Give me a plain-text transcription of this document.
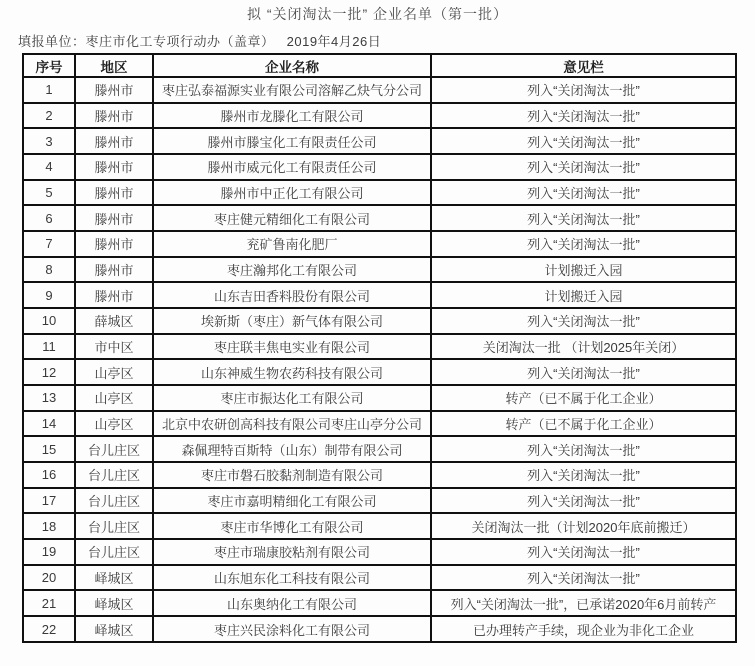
拟 “关闭淘汰一批” 企业名单（第一批）
填报单位：枣庄市化工专项行动办（盖章） 2019年4月26日
序号	地区	企业名称	意见栏
1	滕州市	枣庄弘泰福源实业有限公司溶解乙炔气分公司	列入“关闭淘汰一批”
2	滕州市	滕州市龙滕化工有限公司	列入“关闭淘汰一批”
3	滕州市	滕州市滕宝化工有限责任公司	列入“关闭淘汰一批”
4	滕州市	滕州市威元化工有限责任公司	列入“关闭淘汰一批”
5	滕州市	滕州市中正化工有限公司	列入“关闭淘汰一批”
6	滕州市	枣庄健元精细化工有限公司	列入“关闭淘汰一批”
7	滕州市	兖矿鲁南化肥厂	列入“关闭淘汰一批”
8	滕州市	枣庄瀚邦化工有限公司	计划搬迁入园
9	滕州市	山东吉田香料股份有限公司	计划搬迁入园
10	薛城区	埃新斯（枣庄）新气体有限公司	列入“关闭淘汰一批”
11	市中区	枣庄联丰焦电实业有限公司	关闭淘汰一批 （计划2025年关闭）
12	山亭区	山东神威生物农药科技有限公司	列入“关闭淘汰一批”
13	山亭区	枣庄市振达化工有限公司	转产（已不属于化工企业）
14	山亭区	北京中农研创高科技有限公司枣庄山亭分公司	转产（已不属于化工企业）
15	台儿庄区	森佩理特百斯特（山东）制带有限公司	列入“关闭淘汰一批”
16	台儿庄区	枣庄市磐石胶黏剂制造有限公司	列入“关闭淘汰一批”
17	台儿庄区	枣庄市嘉明精细化工有限公司	列入“关闭淘汰一批”
18	台儿庄区	枣庄市华博化工有限公司	关闭淘汰一批（计划2020年底前搬迁）
19	台儿庄区	枣庄市瑞康胶粘剂有限公司	列入“关闭淘汰一批”
20	峄城区	山东旭东化工科技有限公司	列入“关闭淘汰一批”
21	峄城区	山东奥纳化工有限公司	列入“关闭淘汰一批”，已承诺2020年6月前转产
22	峄城区	枣庄兴民涂料化工有限公司	已办理转产手续，现企业为非化工企业
